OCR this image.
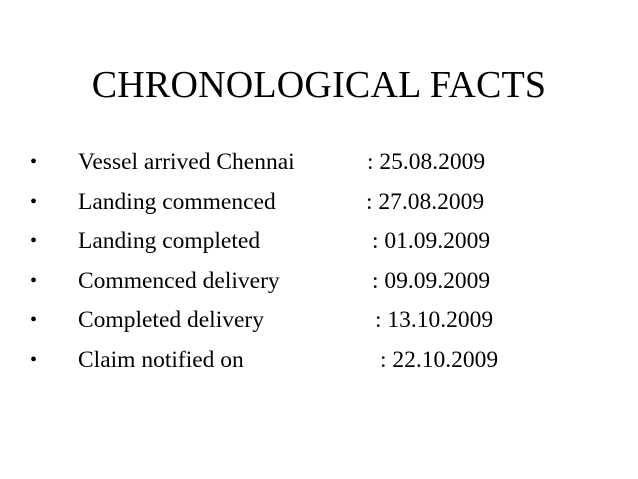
CHRONOLOGICAL FACTS
• Vessel arrived Chennai	: 25.08.2009
• Landing commenced	: 27.08.2009
• Landing completed	: 01.09.2009
• Commenced delivery	: 09.09.2009
• Completed delivery	: 13.10.2009
• Claim notified on	: 22.10.2009
